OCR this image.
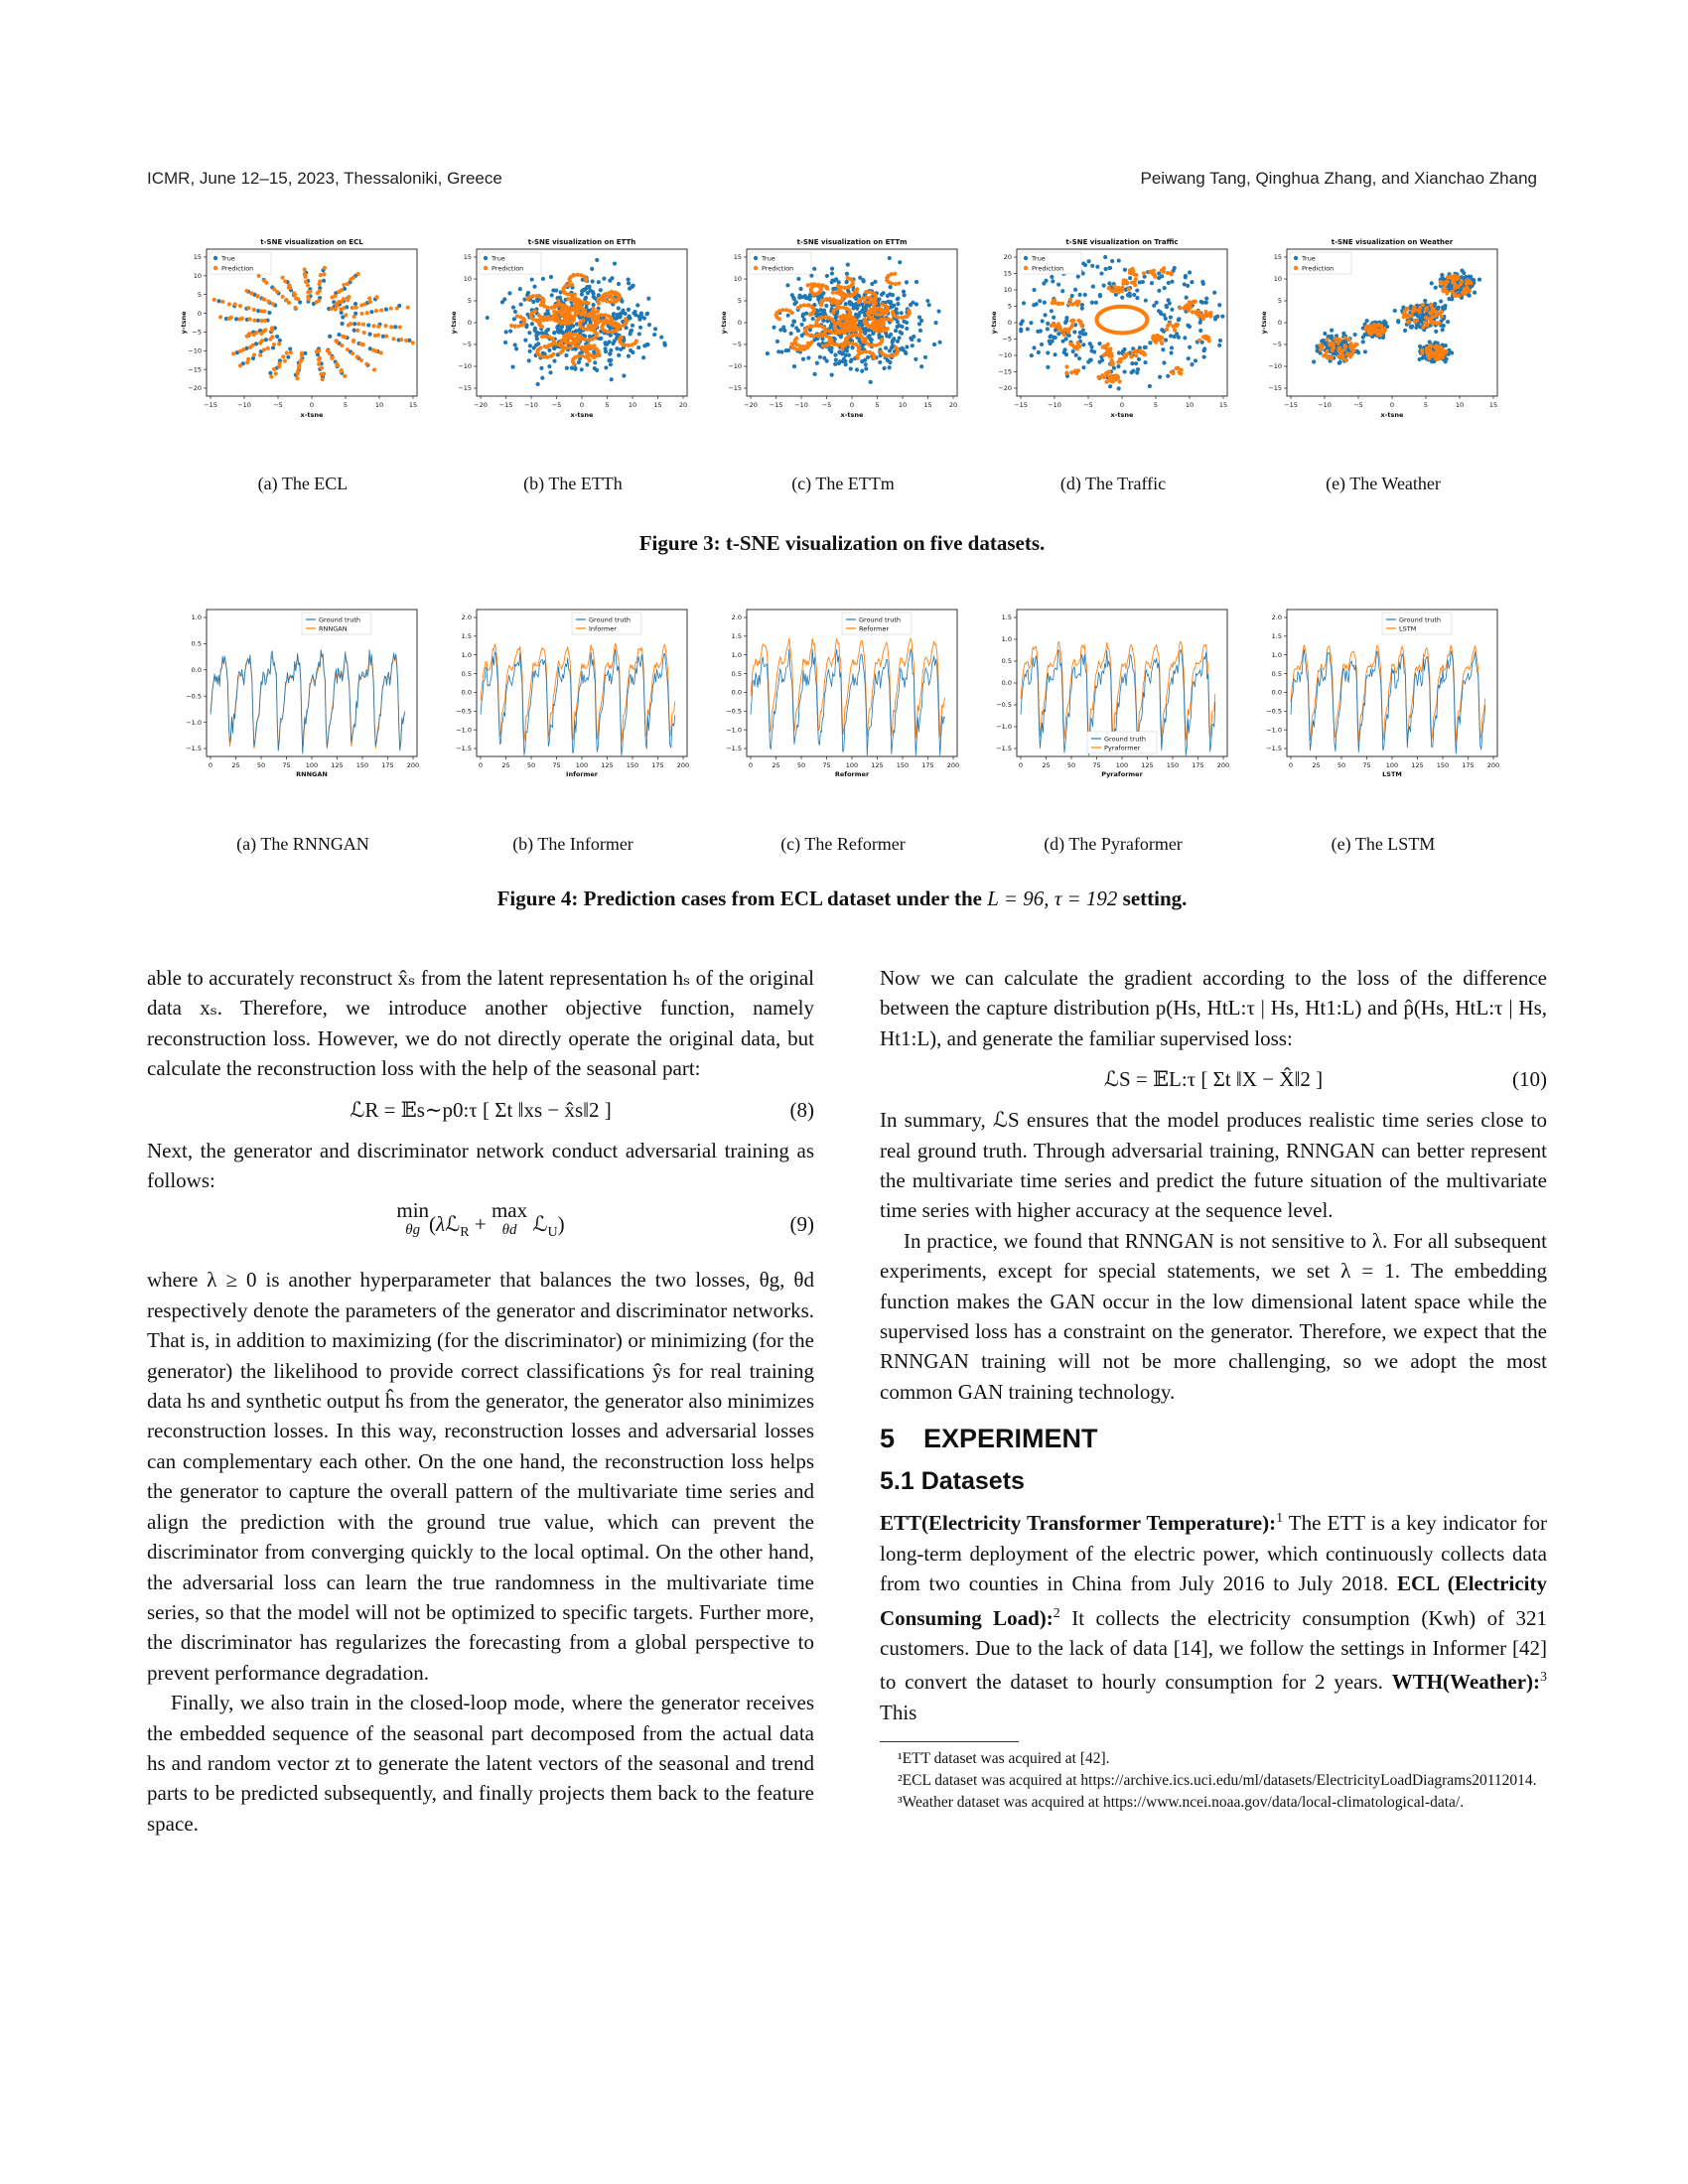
ICMR, June 12–15, 2023, Thessaloniki, Greece	Peiwang Tang, Qinghua Zhang, and Xianchao Zhang
t-SNE visualization on ECL
−15	−10	−5	0	5	10	15
15
10
5
0
−5
−10
−15
−20
True
Prediction
x-tsne
y-tsne
(a) The ECL
t-SNE visualization on ETTh
−20 −15 −10 −5	0	5	10	15	20
15
10
5
0
−5
−10
−15
True
Prediction
x-tsne
y-tsne
(b) The ETTh
t-SNE visualization on ETTm
−20 −15 −10 −5	0	5	10	15	20
15
10
5
0
−5
−10
−15
True
Prediction
x-tsne
y-tsne
(c) The ETTm
t-SNE visualization on Traffic
−15	−10	−5	0	5	10	15
20
15
10
5
0
−5
−10
−15
−20
True
Prediction
x-tsne
y-tsne
(d) The Traffic
t-SNE visualization on Weather
−15	−10	−5	0	5	10	15
15
10
5
0
−5
−10
−15
True
Prediction
x-tsne
y-tsne
(e) The Weather
Figure 3: t-SNE visualization on five datasets.
0	25	50	75 100 125 150 175 200
1.0
0.5
0.0
−0.5
−1.0
−1.5
Ground truth
RNNGAN
RNNGAN
(a) The RNNGAN
0	25	50	75 100 125 150 175 200
2.0
1.5
1.0
0.5
0.0
−0.5
−1.0
−1.5
Ground truth
Informer
Informer
(b) The Informer
0	25	50	75 100 125 150 175 200
2.0
1.5
1.0
0.5
0.0
−0.5
−1.0
−1.5
Ground truth
Reformer
Reformer
(c) The Reformer
0	25	50	75 100 125 150 175 200
1.5
1.0
0.5
0.0
−0.5
−1.0
−1.5
Ground truth
Pyraformer
Pyraformer
(d) The Pyraformer
0	25	50	75 100 125 150 175 200
2.0
1.5
1.0
0.5
0.0
−0.5
−1.0
−1.5
Ground truth
LSTM
LSTM
(e) The LSTM
Figure 4: Prediction cases from ECL dataset under the L = 96, τ = 192 setting.

able to accurately reconstruct x̂ₛ from the latent representation hₛ of the original data xₛ. Therefore, we introduce another objective function, namely reconstruction loss. However, we do not directly operate the original data, but calculate the reconstruction loss with the help of the seasonal part:

ℒR = 𝔼s∼p0:τ [ Σt ‖xs − x̂s‖2 ]	(8)

Next, the generator and discriminator network conduct adversarial training as follows:

min
θg (λℒ$_R$ + max
θd ℒ$_U$)	(9)

where λ ≥ 0 is another hyperparameter that balances the two losses, θg, θd respectively denote the parameters of the generator and discriminator networks. That is, in addition to maximizing (for the discriminator) or minimizing (for the generator) the likelihood to provide correct classifications ŷs for real training data hs and synthetic output ĥs from the generator, the generator also minimizes reconstruction losses. In this way, reconstruction losses and adversarial losses can complementary each other. On the one hand, the reconstruction loss helps the generator to capture the overall pattern of the multivariate time series and align the prediction with the ground true value, which can prevent the discriminator from converging quickly to the local optimal. On the other hand, the adversarial loss can learn the true randomness in the multivariate time series, so that the model will not be optimized to specific targets. Further more, the discriminator has regularizes the forecasting from a global perspective to prevent performance degradation.

Finally, we also train in the closed-loop mode, where the generator receives the embedded sequence of the seasonal part decomposed from the actual data hs and random vector zt to generate the latent vectors of the seasonal and trend parts to be predicted subsequently, and finally projects them back to the feature space.

Now we can calculate the gradient according to the loss of the difference between the capture distribution p(Hs, HtL:τ | Hs, Ht1:L) and p̂(Hs, HtL:τ | Hs, Ht1:L), and generate the familiar supervised loss:

ℒS = 𝔼L:τ [ Σt ‖X − X̂‖2 ]	(10)

In summary, ℒS ensures that the model produces realistic time series close to real ground truth. Through adversarial training, RNNGAN can better represent the multivariate time series and predict the future situation of the multivariate time series with higher accuracy at the sequence level.

In practice, we found that RNNGAN is not sensitive to λ. For all subsequent experiments, except for special statements, we set λ = 1. The embedding function makes the GAN occur in the low dimensional latent space while the supervised loss has a constraint on the generator. Therefore, we expect that the RNNGAN training will not be more challenging, so we adopt the most common GAN training technology.

5 EXPERIMENT
5.1 Datasets

ETT(Electricity Transformer Temperature):$^1$ The ETT is a key indicator for long-term deployment of the electric power, which continuously collects data from two counties in China from July 2016 to July 2018. ECL (Electricity Consuming Load):$^2$ It collects the electricity consumption (Kwh) of 321 customers. Due to the lack of data [14], we follow the settings in Informer [42] to convert the dataset to hourly consumption for 2 years. WTH(Weather):$^3$ This

¹ETT dataset was acquired at [42].

²ECL dataset was acquired at https://archive.ics.uci.edu/ml/datasets/ElectricityLoadDiagrams20112014.

³Weather dataset was acquired at https://www.ncei.noaa.gov/data/local-climatological-data/.
